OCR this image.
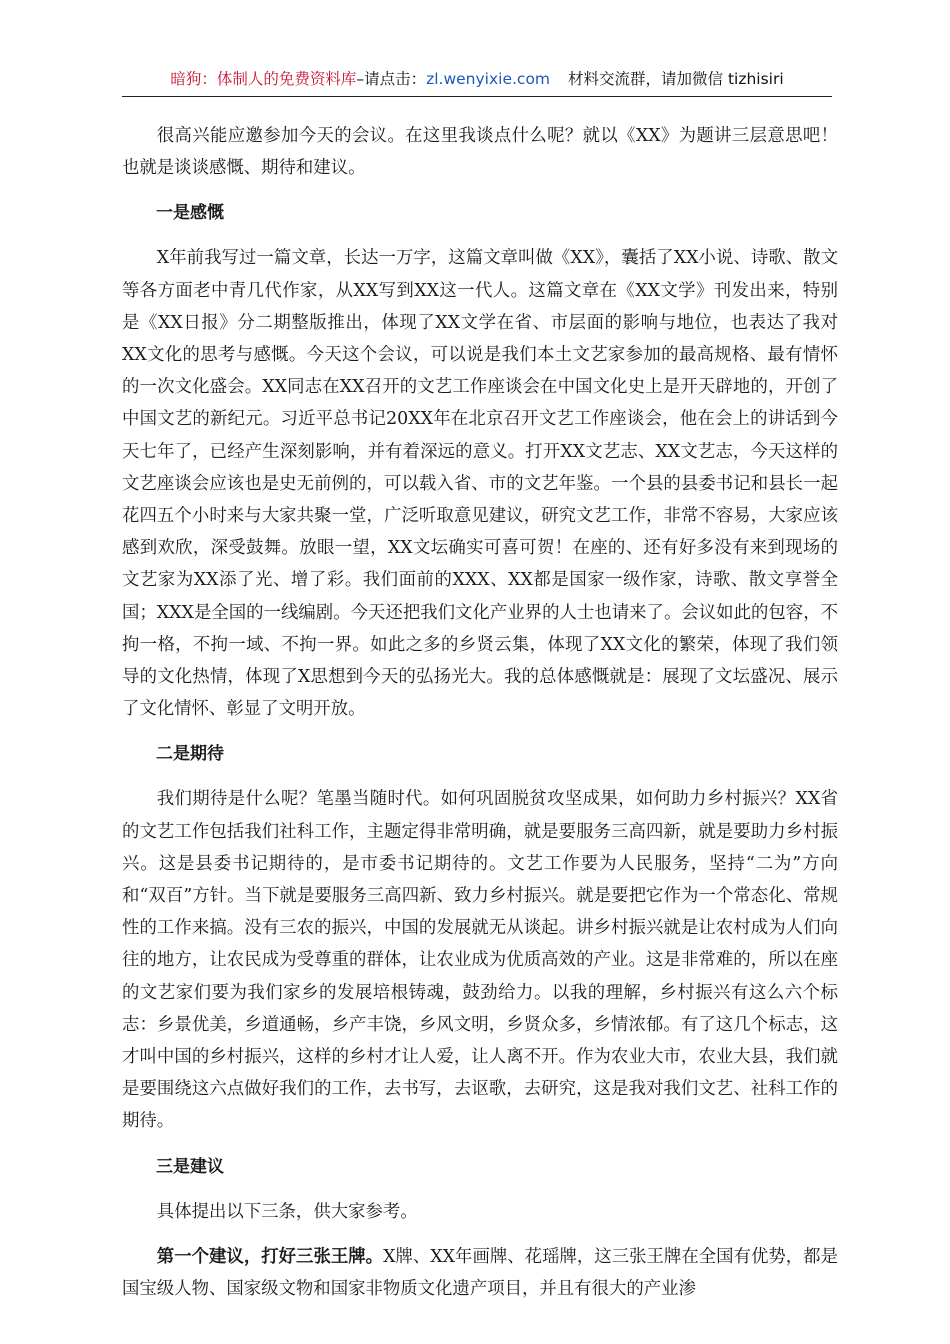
暗狗：体制人的免费资料库–请点击：zl.wenyixie.com 材料交流群，请加微信 tizhisiri

很高兴能应邀参加今天的会议。在这里我谈点什么呢？就以《XX》为题讲三层意思吧！也就是谈谈感慨、期待和建议。

一是感慨

X年前我写过一篇文章，长达一万字，这篇文章叫做《XX》，囊括了XX小说、诗歌、散文等各方面老中青几代作家，从XX写到XX这一代人。这篇文章在《XX文学》刊发出来，特别是《XX日报》分二期整版推出，体现了XX文学在省、市层面的影响与地位，也表达了我对XX文化的思考与感慨。今天这个会议，可以说是我们本土文艺家参加的最高规格、最有情怀的一次文化盛会。XX同志在XX召开的文艺工作座谈会在中国文化史上是开天辟地的，开创了中国文艺的新纪元。习近平总书记20XX年在北京召开文艺工作座谈会，他在会上的讲话到今天七年了，已经产生深刻影响，并有着深远的意义。打开XX文艺志、XX文艺志，今天这样的文艺座谈会应该也是史无前例的，可以载入省、市的文艺年鉴。一个县的县委书记和县长一起花四五个小时来与大家共聚一堂，广泛听取意见建议，研究文艺工作，非常不容易，大家应该感到欢欣，深受鼓舞。放眼一望，XX文坛确实可喜可贺！在座的、还有好多没有来到现场的文艺家为XX添了光、增了彩。我们面前的XXX、XX都是国家一级作家，诗歌、散文享誉全国；XXX是全国的一线编剧。今天还把我们文化产业界的人士也请来了。会议如此的包容，不拘一格，不拘一域、不拘一界。如此之多的乡贤云集，体现了XX文化的繁荣，体现了我们领导的文化热情，体现了X思想到今天的弘扬光大。我的总体感慨就是：展现了文坛盛况、展示了文化情怀、彰显了文明开放。

二是期待

我们期待是什么呢？笔墨当随时代。如何巩固脱贫攻坚成果，如何助力乡村振兴？XX省的文艺工作包括我们社科工作，主题定得非常明确，就是要服务三高四新，就是要助力乡村振兴。这是县委书记期待的，是市委书记期待的。文艺工作要为人民服务，坚持“二为”方向和“双百”方针。当下就是要服务三高四新、致力乡村振兴。就是要把它作为一个常态化、常规性的工作来搞。没有三农的振兴，中国的发展就无从谈起。讲乡村振兴就是让农村成为人们向往的地方，让农民成为受尊重的群体，让农业成为优质高效的产业。这是非常难的，所以在座的文艺家们要为我们家乡的发展培根铸魂，鼓劲给力。以我的理解，乡村振兴有这么六个标志：乡景优美，乡道通畅，乡产丰饶，乡风文明，乡贤众多，乡情浓郁。有了这几个标志，这才叫中国的乡村振兴，这样的乡村才让人爱，让人离不开。作为农业大市，农业大县，我们就是要围绕这六点做好我们的工作，去书写，去讴歌，去研究，这是我对我们文艺、社科工作的期待。

三是建议

具体提出以下三条，供大家参考。

第一个建议，打好三张王牌。X牌、XX年画牌、花瑶牌，这三张王牌在全国有优势，都是国宝级人物、国家级文物和国家非物质文化遗产项目，并且有很大的产业渗
